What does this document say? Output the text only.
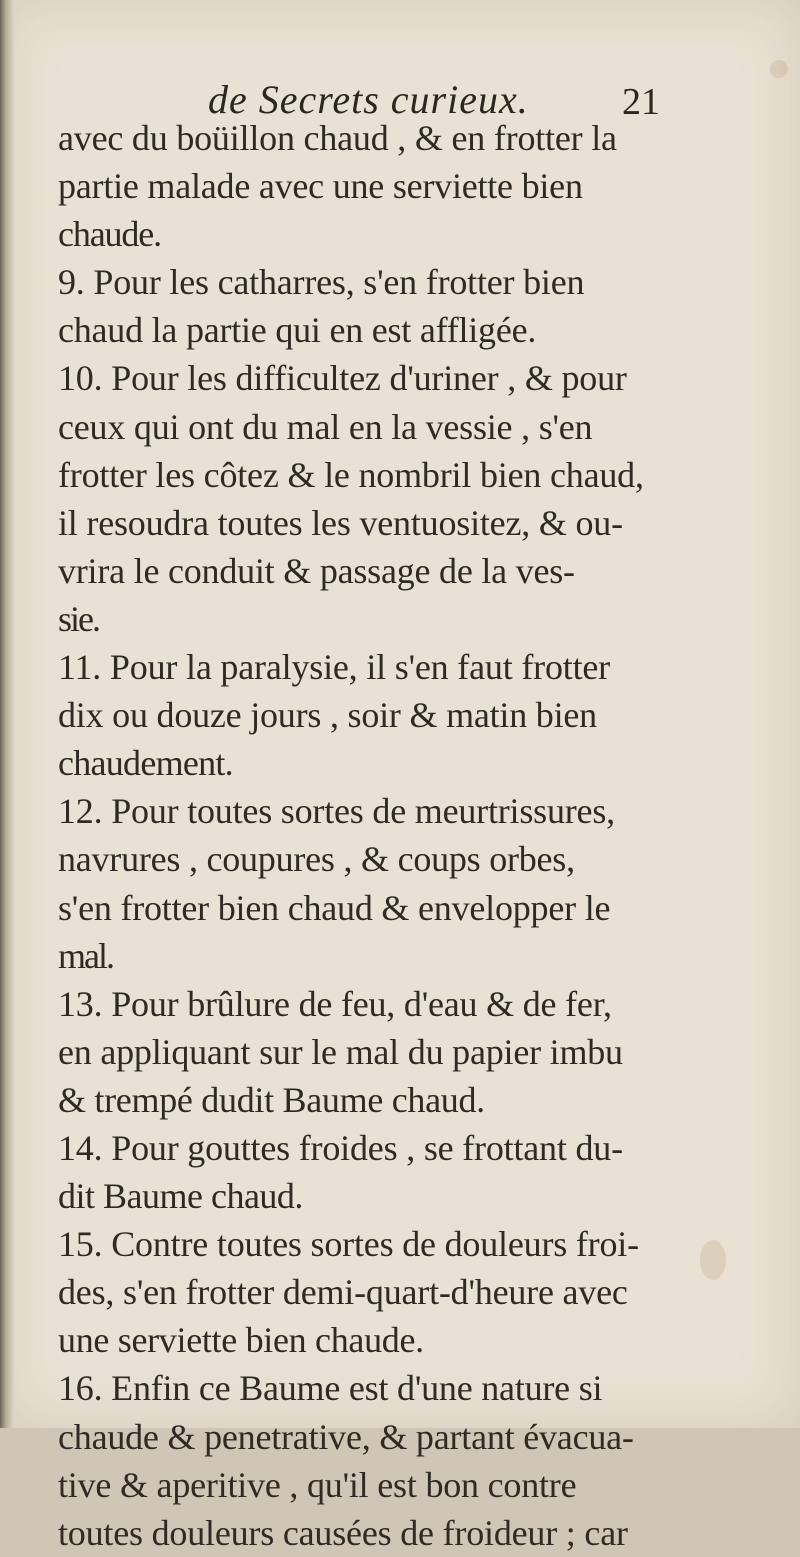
de Secrets curieux. 21
avec du boüillon chaud , & en frotter la
partie malade avec une serviette bien
chaude.
9. Pour les catharres, s'en frotter bien
chaud la partie qui en est affligée.
10. Pour les difficultez d'uriner , & pour
ceux qui ont du mal en la vessie , s'en
frotter les côtez & le nombril bien chaud,
il resoudra toutes les ventuositez, & ou-
vrira le conduit & passage de la ves-
sie.
11. Pour la paralysie, il s'en faut frotter
dix ou douze jours , soir & matin bien
chaudement.
12. Pour toutes sortes de meurtrissures,
navrures , coupures , & coups orbes,
s'en frotter bien chaud & envelopper le
mal.
13. Pour brûlure de feu, d'eau & de fer,
en appliquant sur le mal du papier imbu
& trempé dudit Baume chaud.
14. Pour gouttes froides , se frottant du-
dit Baume chaud.
15. Contre toutes sortes de douleurs froi-
des, s'en frotter demi-quart-d'heure avec
une serviette bien chaude.
16. Enfin ce Baume est d'une nature si
chaude & penetrative, & partant évacua-
tive & aperitive , qu'il est bon contre
toutes douleurs causées de froideur ; car
